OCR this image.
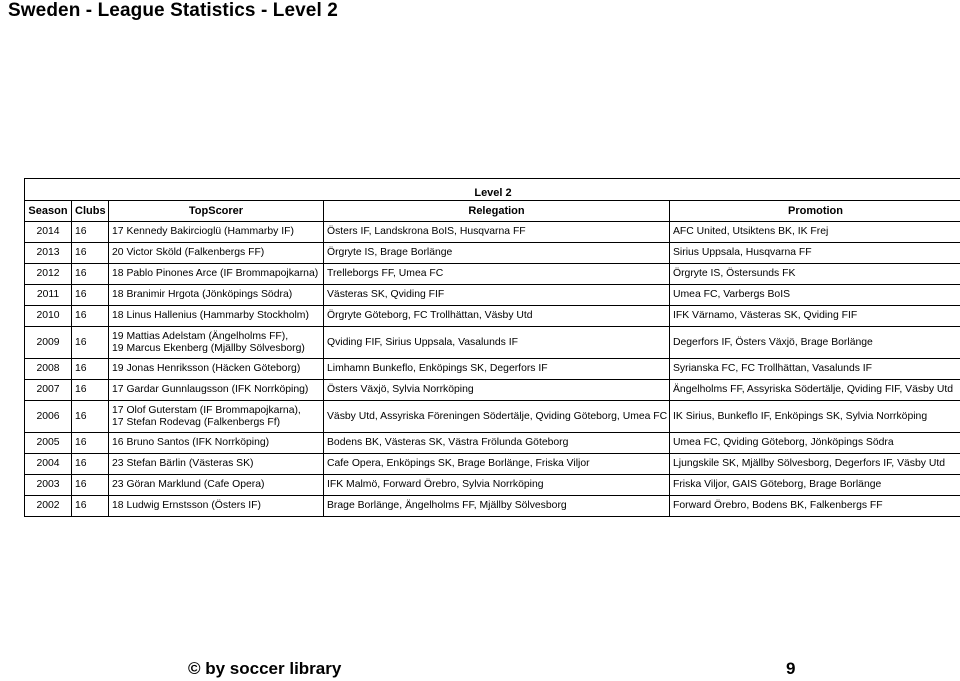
Sweden - League Statistics - Level 2
Level 2				
Season	Clubs	TopScorer	Relegation	Promotion
2014	16	17 Kennedy Bakircioglü (Hammarby IF)	Östers IF, Landskrona BoIS, Husqvarna FF	AFC United, Utsiktens BK, IK Frej
2013	16	20 Victor Sköld (Falkenbergs FF)	Örgryte IS, Brage Borlänge	Sirius Uppsala, Husqvarna FF
2012	16	18 Pablo Pinones Arce (IF Brommapojkarna)	Trelleborgs FF, Umea FC	Örgryte IS, Östersunds FK
2011	16	18 Branimir Hrgota (Jönköpings Södra)	Västeras SK, Qviding FIF	Umea FC, Varbergs BoIS
2010	16	18 Linus Hallenius (Hammarby Stockholm)	Örgryte Göteborg, FC Trollhättan, Väsby Utd	IFK Värnamo, Västeras SK, Qviding FIF
2009	16	19 Mattias Adelstam (Ängelholms FF),
19 Marcus Ekenberg (Mjällby Sölvesborg)	Qviding FIF, Sirius Uppsala, Vasalunds IF	Degerfors IF, Östers Växjö, Brage Borlänge
2008	16	19 Jonas Henriksson (Häcken Göteborg)	Limhamn Bunkeflo, Enköpings SK, Degerfors IF	Syrianska FC, FC Trollhättan, Vasalunds IF
2007	16	17 Gardar Gunnlaugsson (IFK Norrköping)	Östers Växjö, Sylvia Norrköping	Ängelholms FF, Assyriska Södertälje, Qviding FIF, Väsby Utd
2006	16	17 Olof Guterstam (IF Brommapojkarna),
17 Stefan Rodevag (Falkenbergs Ff)	Väsby Utd, Assyriska Föreningen Södertälje, Qviding Göteborg, Umea FC	IK Sirius, Bunkeflo IF, Enköpings SK, Sylvia Norrköping
2005	16	16 Bruno Santos (IFK Norrköping)	Bodens BK, Västeras SK, Västra Frölunda Göteborg	Umea FC, Qviding Göteborg, Jönköpings Södra
2004	16	23 Stefan Bärlin (Västeras SK)	Cafe Opera, Enköpings SK, Brage Borlänge, Friska Viljor	Ljungskile SK, Mjällby Sölvesborg, Degerfors IF, Väsby Utd
2003	16	23 Göran Marklund (Cafe Opera)	IFK Malmö, Forward Örebro, Sylvia Norrköping	Friska Viljor, GAIS Göteborg, Brage Borlänge
2002	16	18 Ludwig Ernstsson (Östers IF)	Brage Borlänge, Ängelholms FF, Mjällby Sölvesborg	Forward Örebro, Bodens BK, Falkenbergs FF
© by soccer library	9
